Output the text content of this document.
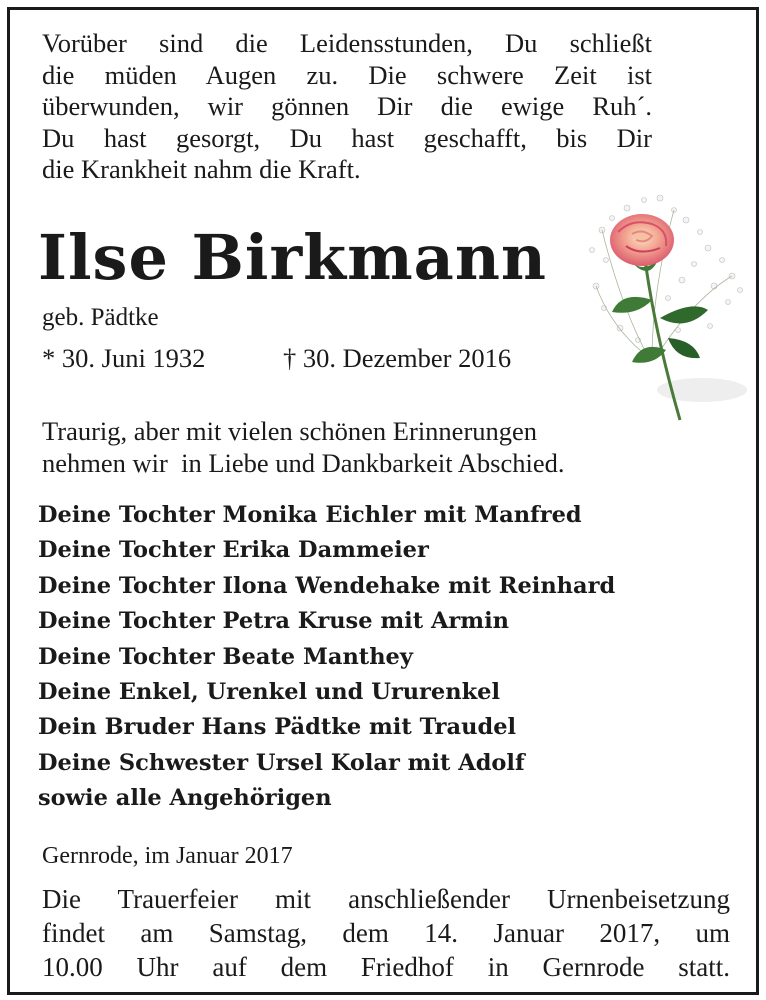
Vorüber sind die Leidensstunden, Du schließt
die müden Augen zu. Die schwere Zeit ist
überwunden, wir gönnen Dir die ewige Ruh´.
Du hast gesorgt, Du hast geschafft, bis Dir
die Krankheit nahm die Kraft.
Ilse Birkmann
geb. Pädtke
* 30. Juni 1932	† 30. Dezember 2016
Traurig, aber mit vielen schönen Erinnerungen
nehmen wir  in Liebe und Dankbarkeit Abschied.
Deine Tochter Monika Eichler mit Manfred
Deine Tochter Erika Dammeier
Deine Tochter Ilona Wendehake mit Reinhard
Deine Tochter Petra Kruse mit Armin
Deine Tochter Beate Manthey
Deine Enkel, Urenkel und Ururenkel
Dein Bruder Hans Pädtke mit Traudel
Deine Schwester Ursel Kolar mit Adolf
sowie alle Angehörigen
Gernrode, im Januar 2017
Die Trauerfeier mit anschließender Urnenbeisetzung
findet am Samstag, dem 14. Januar 2017, um
10.00 Uhr auf dem Friedhof in Gernrode statt.
